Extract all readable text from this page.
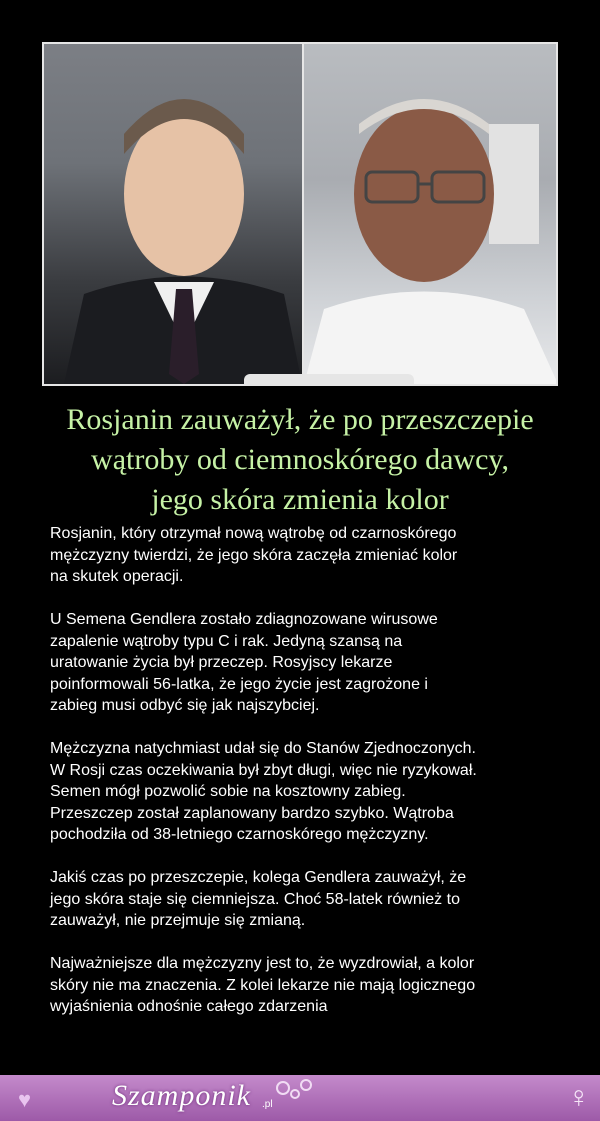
Rosjanin zauważył, że po przeszczepie
wątroby od ciemnoskórego dawcy,
jego skóra zmienia kolor

Rosjanin, który otrzymał nową wątrobę od czarnoskórego
mężczyzny twierdzi, że jego skóra zaczęła zmieniać kolor
na skutek operacji.

U Semena Gendlera zostało zdiagnozowane wirusowe
zapalenie wątroby typu C i rak. Jedyną szansą na
uratowanie życia był przeczep. Rosyjscy lekarze
poinformowali 56-latka, że jego życie jest zagrożone i
zabieg musi odbyć się jak najszybciej.

Mężczyzna natychmiast udał się do Stanów Zjednoczonych.
W Rosji czas oczekiwania był zbyt długi, więc nie ryzykował.
Semen mógł pozwolić sobie na kosztowny zabieg.
Przeszczep został zaplanowany bardzo szybko. Wątroba
pochodziła od 38-letniego czarnoskórego mężczyzny.

Jakiś czas po przeszczepie, kolega Gendlera zauważył, że
jego skóra staje się ciemniejsza. Choć 58-latek również to
zauważył, nie przejmuje się zmianą.

Najważniejsze dla mężczyzny jest to, że wyzdrowiał, a kolor
skóry nie ma znaczenia. Z kolei lekarze nie mają logicznego
wyjaśnienia odnośnie całego zdarzenia

♥	Szamponik .pl	♀
